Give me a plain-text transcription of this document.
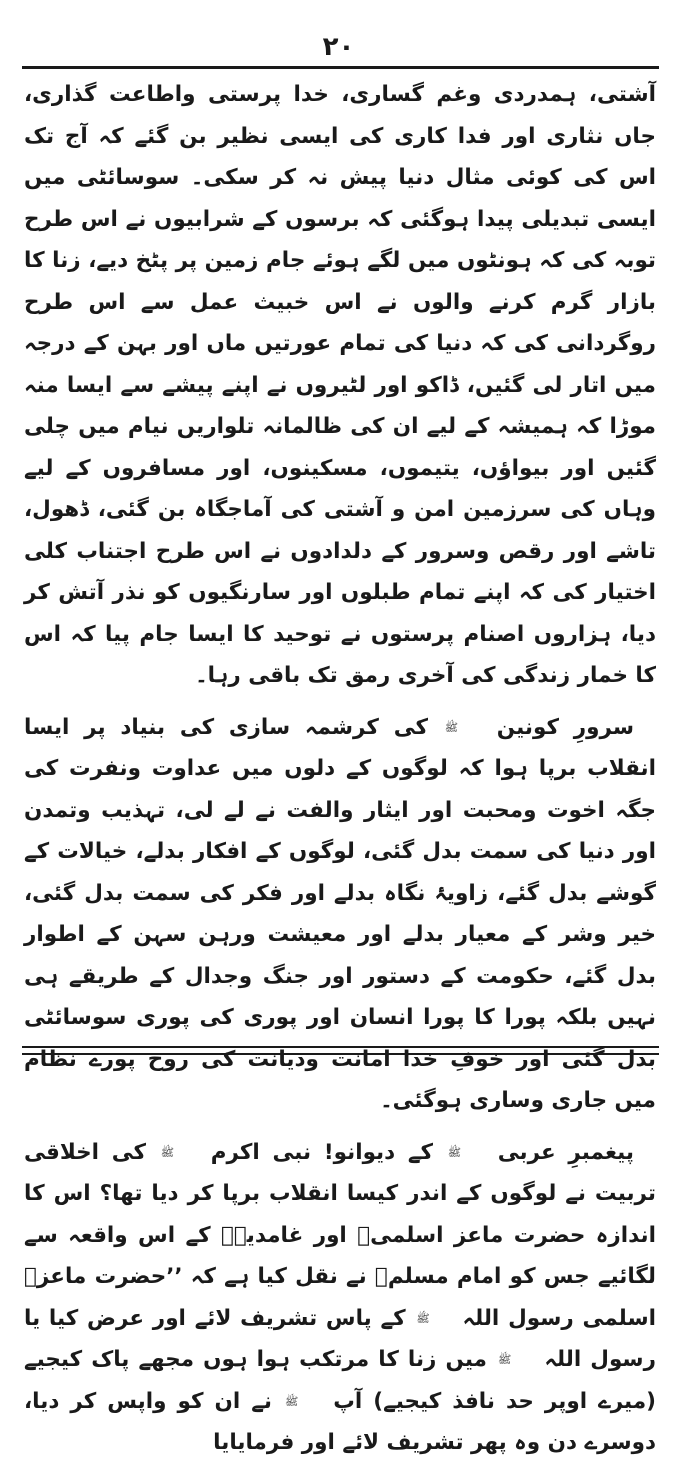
۲۰

آشتی، ہمدردی وغم گساری، خدا پرستی واطاعت گذاری، جاں نثاری اور فدا کاری کی ایسی نظیر بن گئے کہ آج تک اس کی کوئی مثال دنیا پیش نہ کر سکی۔ سوسائٹی میں ایسی تبدیلی پیدا ہوگئی کہ برسوں کے شرابیوں نے اس طرح توبہ کی کہ ہونٹوں میں لگے ہوئے جام زمین پر پٹخ دیے، زنا کا بازار گرم کرنے والوں نے اس خبیث عمل سے اس طرح روگردانی کی کہ دنیا کی تمام عورتیں ماں اور بہن کے درجہ میں اتار لی گئیں، ڈاکو اور لٹیروں نے اپنے پیشے سے ایسا منہ موڑا کہ ہمیشہ کے لیے ان کی ظالمانہ تلواریں نیام میں چلی گئیں اور بیواؤں، یتیموں، مسکینوں، اور مسافروں کے لیے وہاں کی سرزمین امن و آشتی کی آماجگاہ بن گئی، ڈھول، تاشے اور رقص وسرور کے دلدادوں نے اس طرح اجتناب کلی اختیار کی کہ اپنے تمام طبلوں اور سارنگیوں کو نذر آتش کر دیا، ہزاروں اصنام پرستوں نے توحید کا ایسا جام پیا کہ اس کا خمار زندگی کی آخری رمق تک باقی رہا۔

سرورِ کونین ﷺ کی کرشمہ سازی کی بنیاد پر ایسا انقلاب برپا ہوا کہ لوگوں کے دلوں میں عداوت ونفرت کی جگہ اخوت ومحبت اور ایثار والفت نے لے لی، تہذیب وتمدن اور دنیا کی سمت بدل گئی، لوگوں کے افکار بدلے، خیالات کے گوشے بدل گئے، زاویۂ نگاہ بدلے اور فکر کی سمت بدل گئی، خیر وشر کے معیار بدلے اور معیشت ورہن سہن کے اطوار بدل گئے، حکومت کے دستور اور جنگ وجدال کے طریقے ہی نہیں بلکہ پورا کا پورا انسان اور پوری کی پوری سوسائٹی بدل گئی اور خوفِ خدا امانت ودیانت کی روح پورے نظام میں جاری وساری ہوگئی۔

پیغمبرِ عربی ﷺ کے دیوانو! نبی اکرم ﷺ کی اخلاقی تربیت نے لوگوں کے اندر کیسا انقلاب برپا کر دیا تھا؟ اس کا اندازہ حضرت ماعز اسلمیؓ اور غامدیہؓ کے اس واقعہ سے لگائیے جس کو امام مسلمؒ نے نقل کیا ہے کہ ’’حضرت ماعزؓ اسلمی رسول اللہ ﷺ کے پاس تشریف لائے اور عرض کیا یا رسول اللہ ﷺ میں زنا کا مرتکب ہوا ہوں مجھے پاک کیجیے (میرے اوپر حد نافذ کیجیے) آپ ﷺ نے ان کو واپس کر دیا، دوسرے دن وہ پھر تشریف لائے اور فرمایایا
